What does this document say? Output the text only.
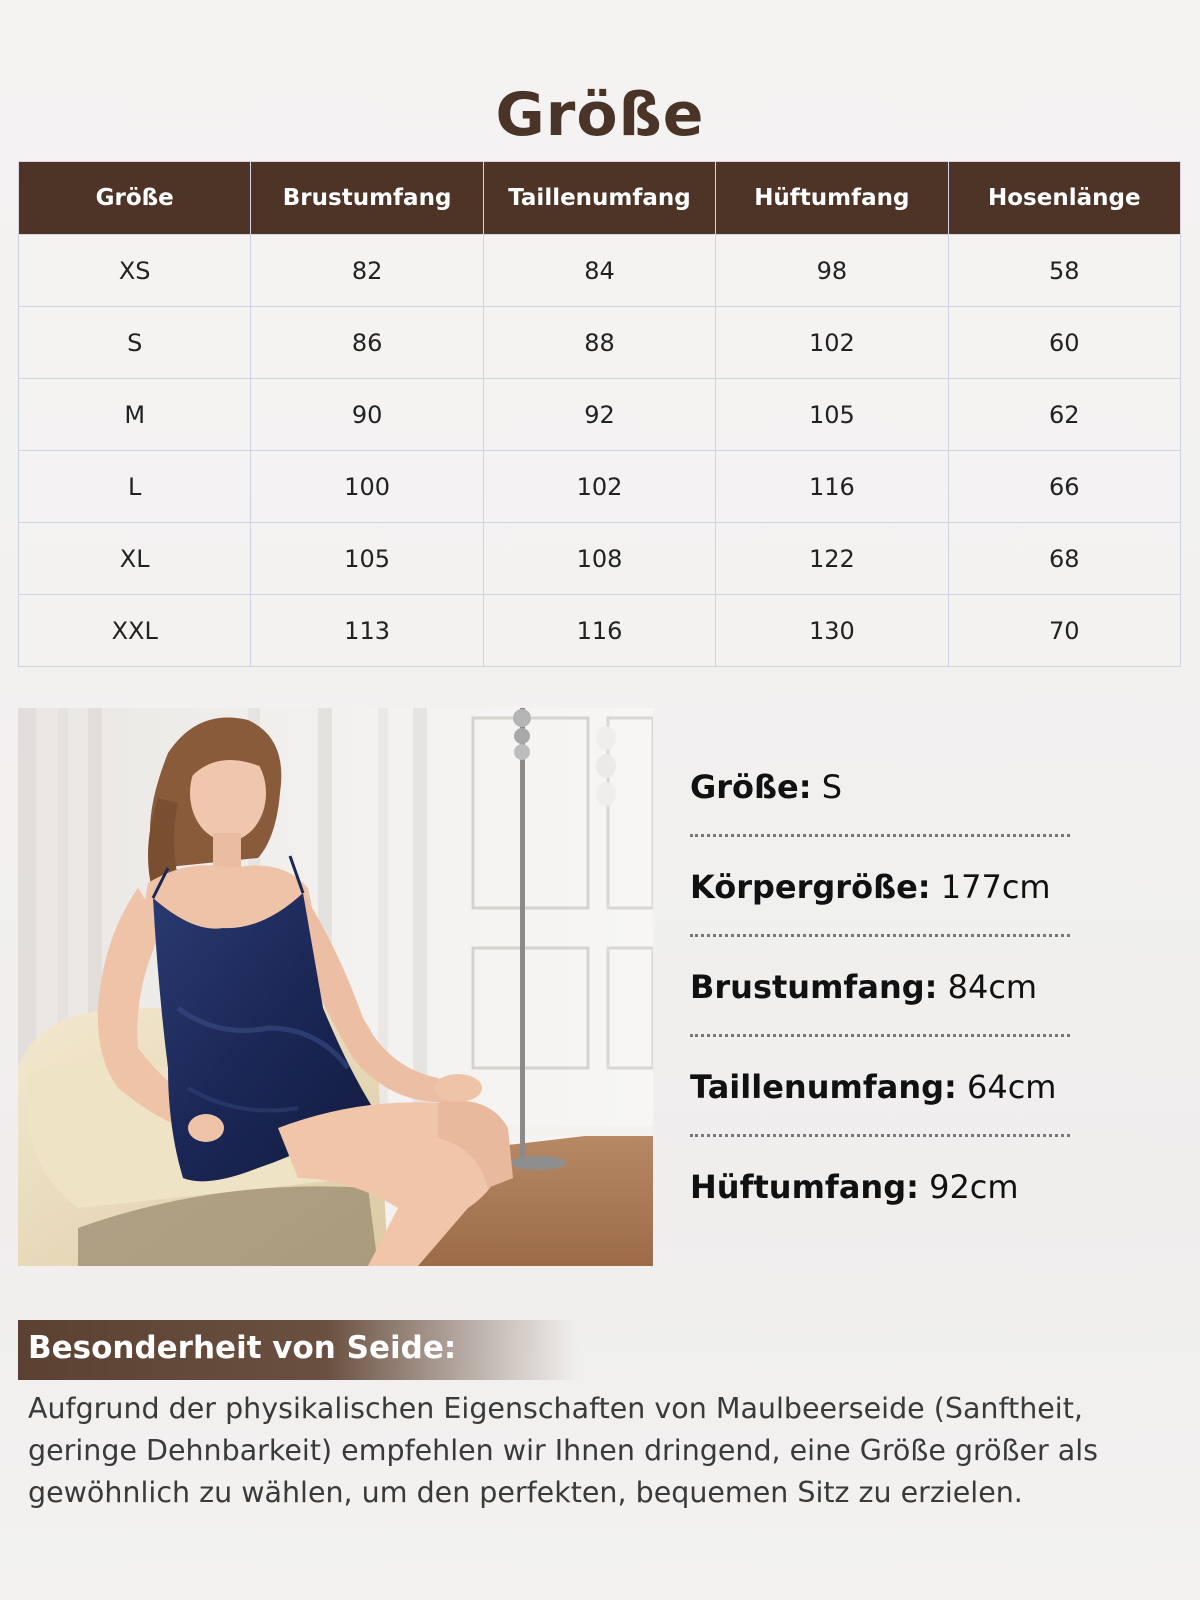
Größe
Größe	Brustumfang	Taillenumfang	Hüftumfang	Hosenlänge
XS	82	84	98	58
S	86	88	102	60
M	90	92	105	62
L	100	102	116	66
XL	105	108	122	68
XXL	113	116	130	70
Größe: S
Körpergröße: 177cm
Brustumfang: 84cm
Taillenumfang: 64cm
Hüftumfang: 92cm
Besonderheit von Seide:
Aufgrund der physikalischen Eigenschaften von Maulbeerseide (Sanftheit, geringe Dehnbarkeit) empfehlen wir Ihnen dringend, eine Größe größer als gewöhnlich zu wählen, um den perfekten, bequemen Sitz zu erzielen.
